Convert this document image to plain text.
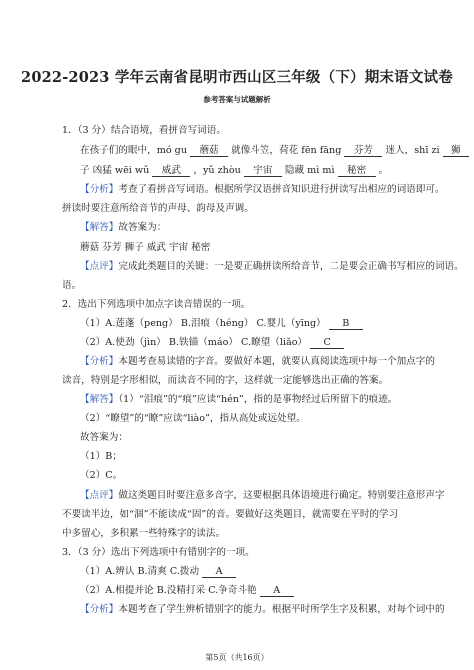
2022-2023 学年云南省昆明市西山区三年级（下）期末语文试卷
参考答案与试题解析
1．（3 分）结合语境，看拼音写词语。
在孩子们的眼中，mó gu 蘑菇 就像斗笠，荷花 fēn fāng 芬芳 迷人，shī zi 狮
子 凶猛 wēi wǔ 威武 ，yǔ zhòu 宇宙 隐藏 mì mì 秘密 。
【分析】考查了看拼音写词语。根据所学汉语拼音知识进行拼读写出相应的词语即可。
拼读时要注意所给音节的声母、韵母及声调。
【解答】故答案为：
蘑菇 芬芳 狮子 威武 宇宙 秘密
【点评】完成此类题目的关键：一是要正确拼读所给音节，二是要会正确书写相应的词语。
语。
2．选出下列选项中加点字读音错误的一项。
（1）A.莲蓬（pеng） B.泪痕（héng） C.婴儿（yīng） B
（2）A.使劲（jìn） B.铁锚（máo） C.瞭望（liǎo） C
【分析】本题考查易读错的字音。要做好本题，就要认真阅读选项中每一个加点字的
读音，特别是字形相似，而读音不同的字，这样就一定能够选出正确的答案。
【解答】（1）“泪痕”的“痕”应读“hén”，指的是事物经过后所留下的痕迹。
（2）“瞭望”的“瞭”应读“liào”，指从高处或远处望。
故答案为：
（1）B；
（2）C。
【点评】做这类题目时要注意多音字，这要根据具体语境进行确定。特别要注意形声字
不要读半边，如“涸”不能读成“固”的音。要做好这类题目，就需要在平时的学习
中多留心，多积累一些特殊字的读法。
3．（3 分）选出下列选项中有错别字的一项。
（1）A.辨认 B.清爽 C.拨动 A
（2）A.相提并论 B.没精打采 C.争奇斗艳 A
【分析】本题考查了学生辨析错别字的能力。根据平时所学生字及积累，对每个词中的
第5页（共16页）
